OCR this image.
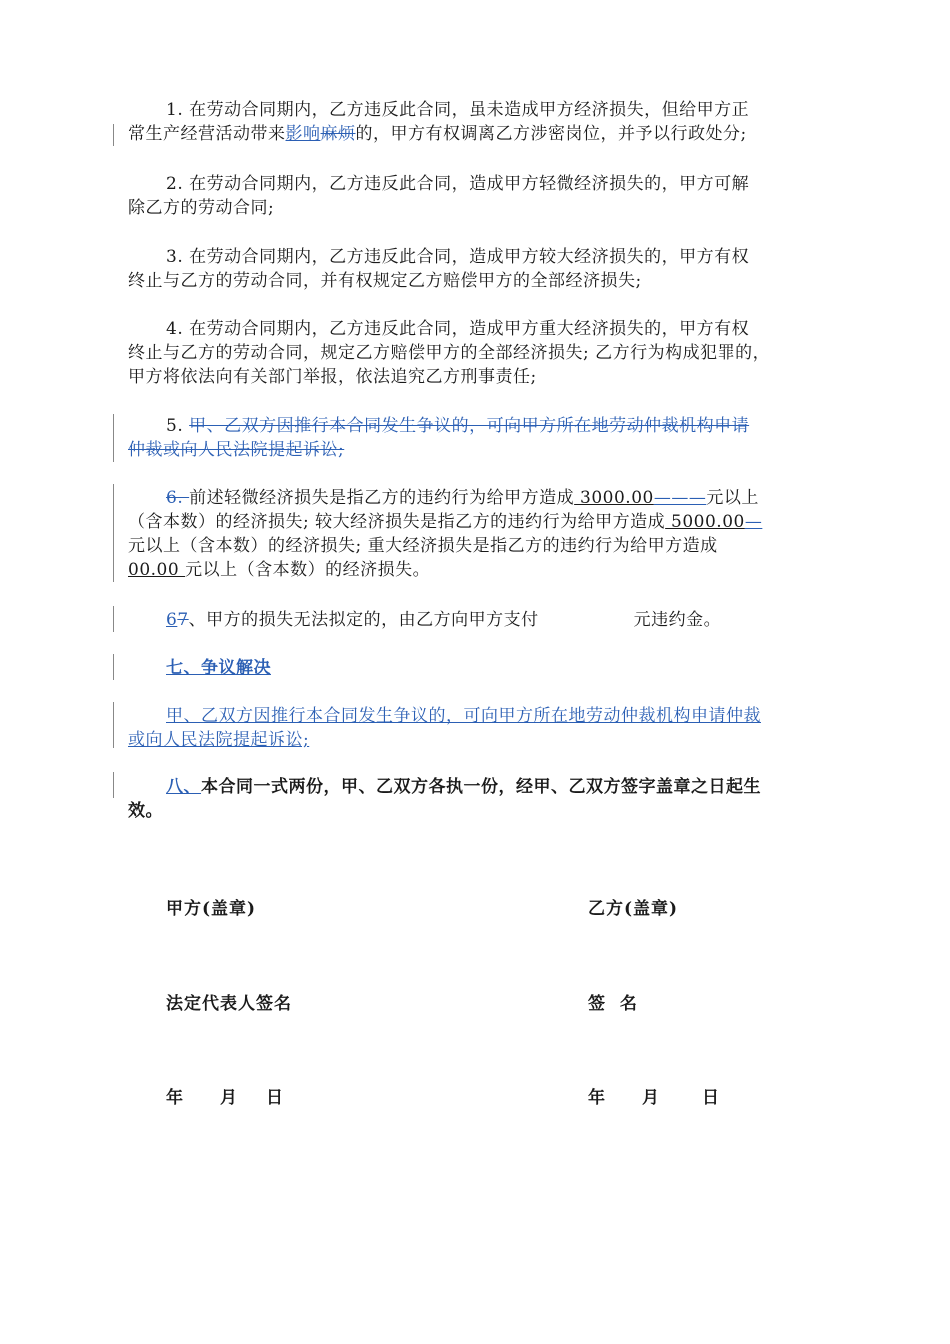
1. 在劳动合同期内，乙方违反此合同，虽未造成甲方经济损失，但给甲方正
常生产经营活动带来影响麻烦的，甲方有权调离乙方涉密岗位，并予以行政处分;
2. 在劳动合同期内，乙方违反此合同，造成甲方轻微经济损失的，甲方可解
除乙方的劳动合同;
3. 在劳动合同期内，乙方违反此合同，造成甲方较大经济损失的，甲方有权
终止与乙方的劳动合同，并有权规定乙方赔偿甲方的全部经济损失;
4. 在劳动合同期内，乙方违反此合同，造成甲方重大经济损失的，甲方有权
终止与乙方的劳动合同，规定乙方赔偿甲方的全部经济损失; 乙方行为构成犯罪的，
甲方将依法向有关部门举报，依法追究乙方刑事责任;
5. 甲、乙双方因推行本合同发生争议的，可向甲方所在地劳动仲裁机构申请
仲裁或向人民法院提起诉讼;
6. 前述轻微经济损失是指乙方的违约行为给甲方造成 3000.00———元以上
（含本数）的经济损失; 较大经济损失是指乙方的违约行为给甲方造成 5000.00—
元以上（含本数）的经济损失; 重大经济损失是指乙方的违约行为给甲方造成
00.00 元以上（含本数）的经济损失。
67、甲方的损失无法拟定的，由乙方向甲方支付	元违约金。
七、争议解决
甲、乙双方因推行本合同发生争议的，可向甲方所在地劳动仲裁机构申请仲裁
或向人民法院提起诉讼;
八、本合同一式两份，甲、乙双方各执一份，经甲、乙双方签字盖章之日起生
效。
甲方(盖章)	乙方(盖章)
法定代表人签名	签  名
年 月 日	年 月 日
